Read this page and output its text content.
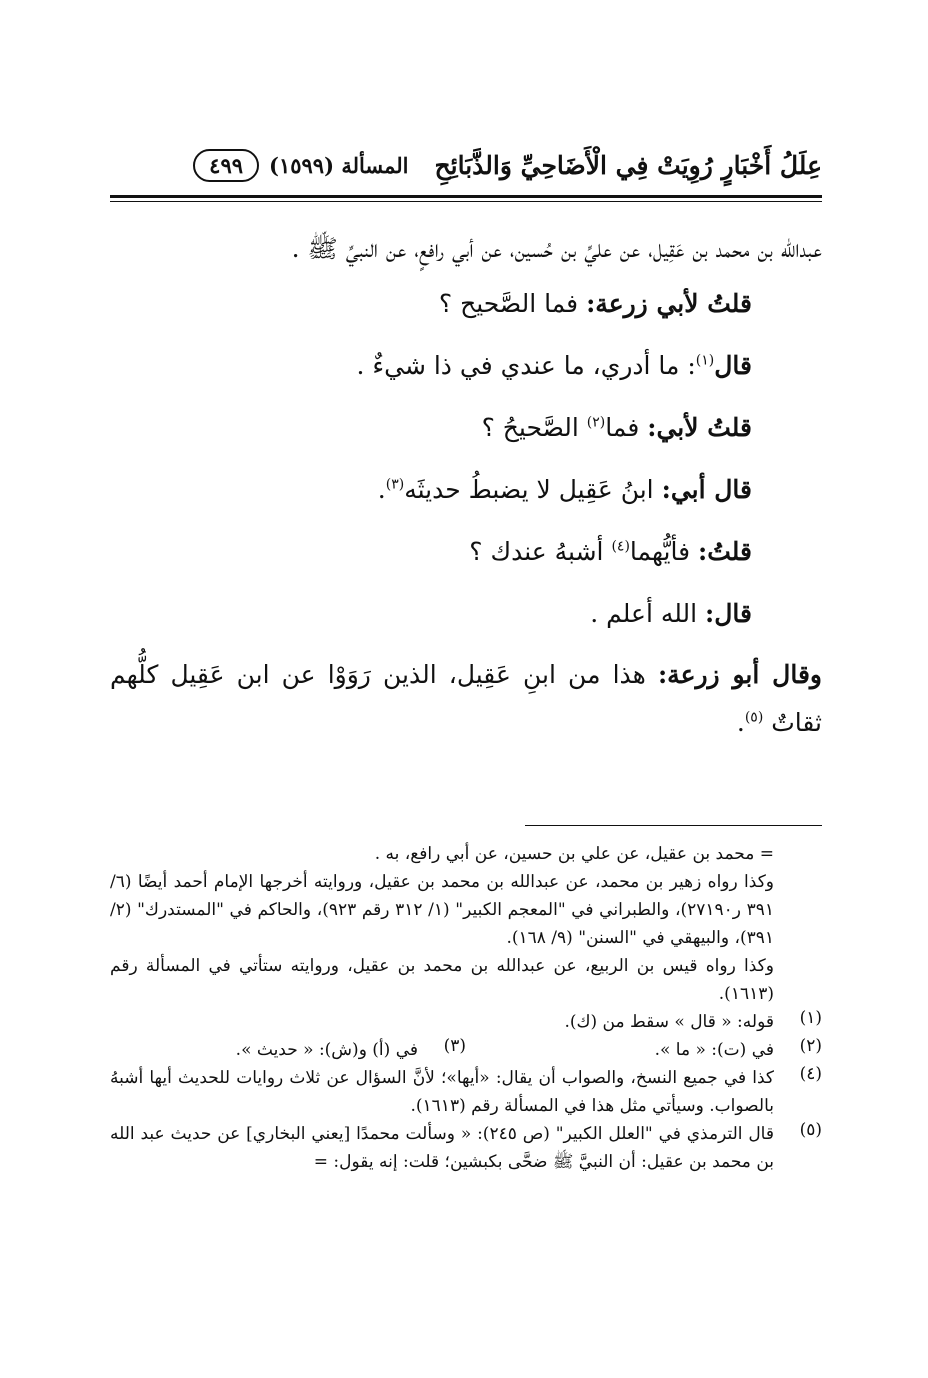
عِلَلُ أَخْبَارٍ رُوِيَتْ فِي الْأَضَاحِيِّ وَالذَّبَائِحِ
المسألة (١٥٩٩)
٤٩٩

عبدالله بن محمد بن عَقِيل، عن عليِّ بن حُسين، عن أبي رافعٍ، عن النبيِّ ﷺ .

قلتُ لأبي زرعة: فما الصَّحيح ؟

قال$^{(١)}$: ما أدري، ما عندي في ذا شيءٌ .

قلتُ لأبي: فما$^{(٢)}$ الصَّحيحُ ؟

قال أبي: ابنُ عَقِيل لا يضبطُ حديثَه$^{(٣)}$.

قلتُ: فأيُّهما$^{(٤)}$ أشبهُ عندك ؟

قال: الله أعلم .

وقال أبو زرعة: هذا من ابنِ عَقِيل، الذين رَوَوْا عن ابن عَقِيل كلُّهم ثقاتٌ $^{(٥)}$.

= محمد بن عقيل، عن علي بن حسين، عن أبي رافع، به .

وكذا رواه زهير بن محمد، عن عبدالله بن محمد بن عقيل، وروايته أخرجها الإمام أحمد أيضًا (٦/ ٣٩١ ر٢٧١٩٠)، والطبراني في "المعجم الكبير" (١/ ٣١٢ رقم ٩٢٣)، والحاكم في "المستدرك" (٢/ ٣٩١)، والبيهقي في "السنن" (٩/ ١٦٨).

وكذا رواه قيس بن الربيع، عن عبدالله بن محمد بن عقيل، وروايته ستأتي في المسألة رقم (١٦١٣).

(١)
قوله: « قال » سقط من (ك).
(٢)
في (ت): « ما ».
(٣)
في (أ) و(ش): « حديث ».
(٤)
كذا في جميع النسخ، والصواب أن يقال: «أيها»؛ لأنَّ السؤال عن ثلاث روايات للحديث أيها أشبهُ بالصواب. وسيأتي مثل هذا في المسألة رقم (١٦١٣).
(٥)
قال الترمذي في "العلل الكبير" (ص ٢٤٥): « وسألت محمدًا [يعني البخاري] عن حديث عبد الله بن محمد بن عقيل: أن النبيَّ ﷺ ضحَّى بكبشين؛ قلت: إنه يقول: =
